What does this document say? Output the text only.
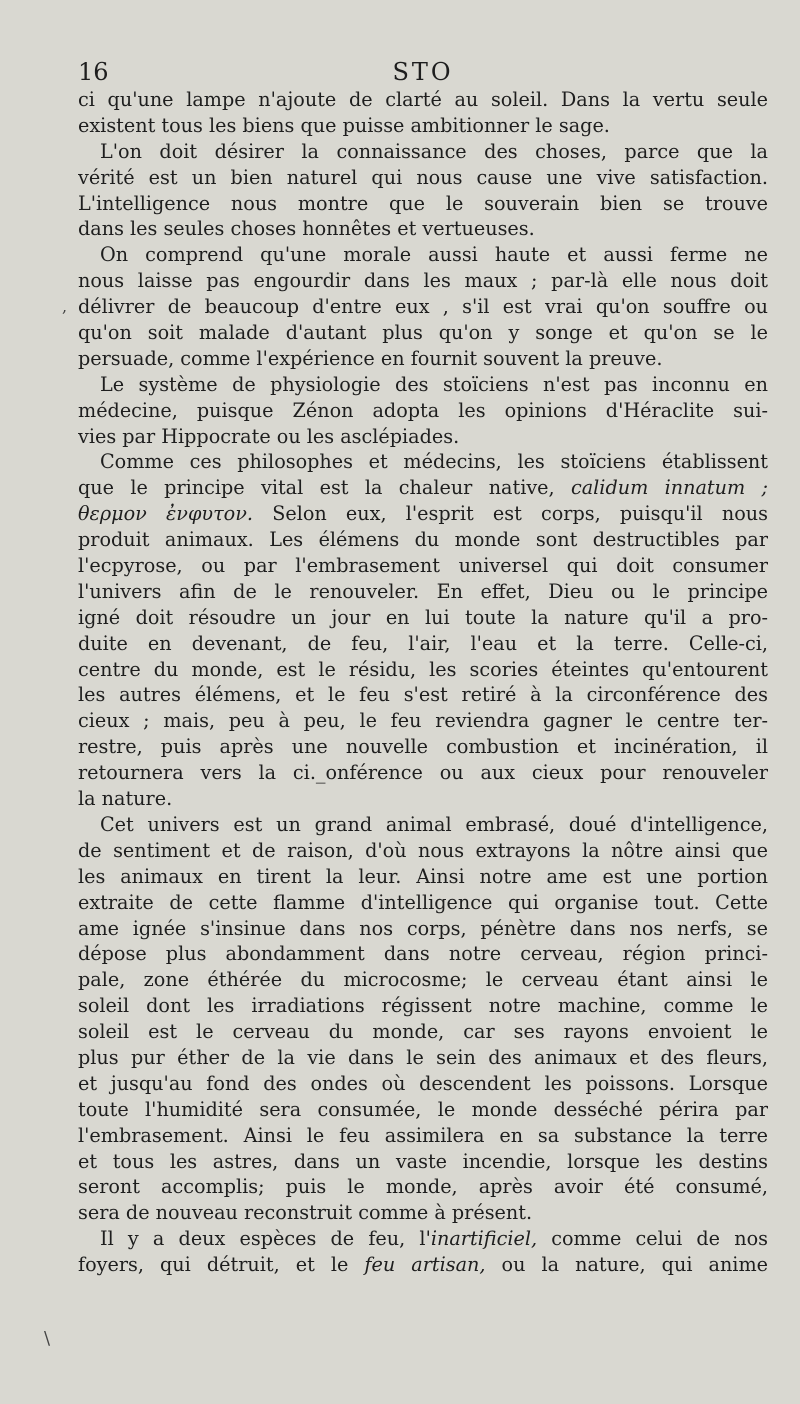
16	STO
ci qu'une lampe n'ajoute de clarté au soleil. Dans la vertu seule
existent tous les biens que puisse ambitionner le sage.
L'on doit désirer la connaissance des choses, parce que la
vérité est un bien naturel qui nous cause une vive satisfaction.
L'intelligence nous montre que le souverain bien se trouve
dans les seules choses honnêtes et vertueuses.
On comprend qu'une morale aussi haute et aussi ferme ne
nous laisse pas engourdir dans les maux ; par-là elle nous doit
délivrer de beaucoup d'entre eux , s'il est vrai qu'on souffre ou
qu'on soit malade d'autant plus qu'on y songe et qu'on se le
persuade, comme l'expérience en fournit souvent la preuve.
Le système de physiologie des stoïciens n'est pas inconnu en
médecine, puisque Zénon adopta les opinions d'Héraclite sui-
vies par Hippocrate ou les asclépiades.
Comme ces philosophes et médecins, les stoïciens établissent
que le principe vital est la chaleur native, calidum innatum ;
θερμον ἐνφυτον. Selon eux, l'esprit est corps, puisqu'il nous
produit animaux. Les élémens du monde sont destructibles par
l'ecpyrose, ou par l'embrasement universel qui doit consumer
l'univers afin de le renouveler. En effet, Dieu ou le principe
igné doit résoudre un jour en lui toute la nature qu'il a pro-
duite en devenant, de feu, l'air, l'eau et la terre. Celle-ci,
centre du monde, est le résidu, les scories éteintes qu'entourent
les autres élémens, et le feu s'est retiré à la circonférence des
cieux ; mais, peu à peu, le feu reviendra gagner le centre ter-
restre, puis après une nouvelle combustion et incinération, il
retournera vers la ci._onférence ou aux cieux pour renouveler
la nature.
Cet univers est un grand animal embrasé, doué d'intelligence,
de sentiment et de raison, d'où nous extrayons la nôtre ainsi que
les animaux en tirent la leur. Ainsi notre ame est une portion
extraite de cette flamme d'intelligence qui organise tout. Cette
ame ignée s'insinue dans nos corps, pénètre dans nos nerfs, se
dépose plus abondamment dans notre cerveau, région princi-
pale, zone éthérée du microcosme; le cerveau étant ainsi le
soleil dont les irradiations régissent notre machine, comme le
soleil est le cerveau du monde, car ses rayons envoient le
plus pur éther de la vie dans le sein des animaux et des fleurs,
et jusqu'au fond des ondes où descendent les poissons. Lorsque
toute l'humidité sera consumée, le monde desséché périra par
l'embrasement. Ainsi le feu assimilera en sa substance la terre
et tous les astres, dans un vaste incendie, lorsque les destins
seront accomplis; puis le monde, après avoir été consumé,
sera de nouveau reconstruit comme à présent.
Il y a deux espèces de feu, l'inartificiel, comme celui de nos
foyers, qui détruit, et le feu artisan, ou la nature, qui anime
,
\
